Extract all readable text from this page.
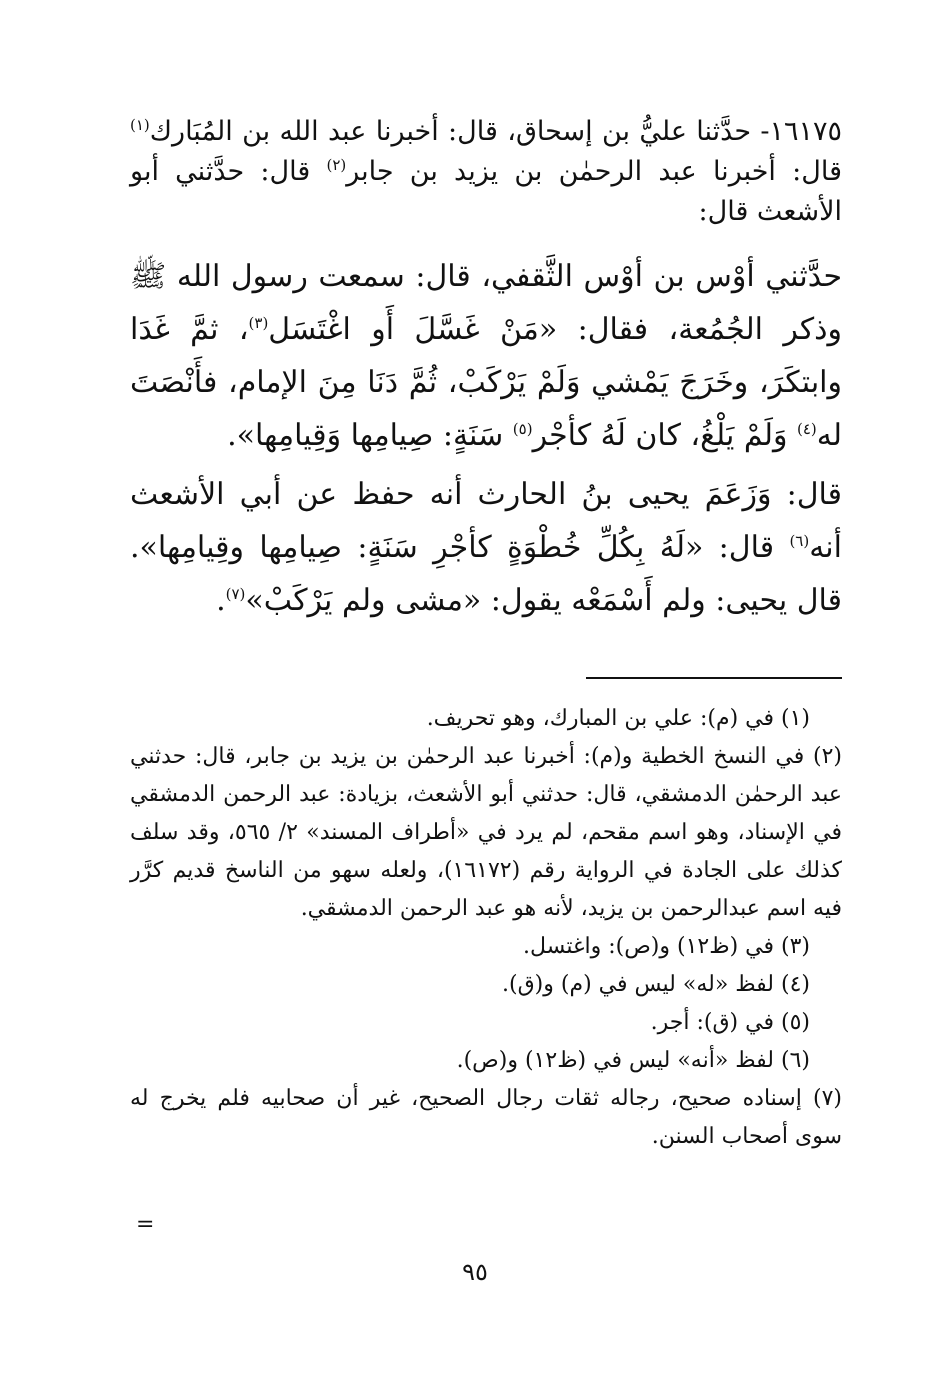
١٦١٧٥- حدَّثنا عليُّ بن إسحاق، قال: أخبرنا عبد الله بن المُبَارك$^{(١)}$ قال: أخبرنا عبد الرحمٰن بن يزيد بن جابر$^{(٢)}$ قال: حدَّثني أبو الأشعث قال:

حدَّثني أوْس بن أوْس الثَّقفي، قال: سمعت رسول الله ﷺ وذكر الجُمُعة، فقال: «مَنْ غَسَّلَ أَو اغْتَسَل$^{(٣)}$، ثمَّ غَدَا وابتكَرَ، وخَرَجَ يَمْشي وَلَمْ يَرْكَبْ، ثُمَّ دَنَا مِنَ الإمام، فأَنْصَتَ له$^{(٤)}$ وَلَمْ يَلْغُ، كان لَهُ كأجْر$^{(٥)}$ سَنَةٍ: صِيامِها وَقِيامِها».

قال: وَزَعَمَ يحيى بنُ الحارث أنه حفظ عن أبي الأشعث أنه$^{(٦)}$ قال: «لَهُ بِكُلِّ خُطْوَةٍ كأجْرِ سَنَةٍ: صِيامِها وقِيامِها». قال يحيى: ولم أَسْمَعْه يقول: «مشى ولم يَرْكَبْ»$^{(٧)}$.

(١) في (م): علي بن المبارك، وهو تحريف.

(٢) في النسخ الخطية و(م): أخبرنا عبد الرحمٰن بن يزيد بن جابر، قال: حدثني عبد الرحمٰن الدمشقي، قال: حدثني أبو الأشعث، بزيادة: عبد الرحمن الدمشقي في الإسناد، وهو اسم مقحم، لم يرد في «أطراف المسند» ٢/ ٥٦٥، وقد سلف كذلك على الجادة في الرواية رقم (١٦١٧٢)، ولعله سهو من الناسخ قديم كرَّر فيه اسم عبدالرحمن بن يزيد، لأنه هو عبد الرحمن الدمشقي.

(٣) في (ظ١٢) و(ص): واغتسل.

(٤) لفظ «له» ليس في (م) و(ق).

(٥) في (ق): أجر.

(٦) لفظ «أنه» ليس في (ظ١٢) و(ص).

(٧) إسناده صحيح، رجاله ثقات رجال الصحيح، غير أن صحابيه فلم يخرج له سوى أصحاب السنن.

=
٩٥
